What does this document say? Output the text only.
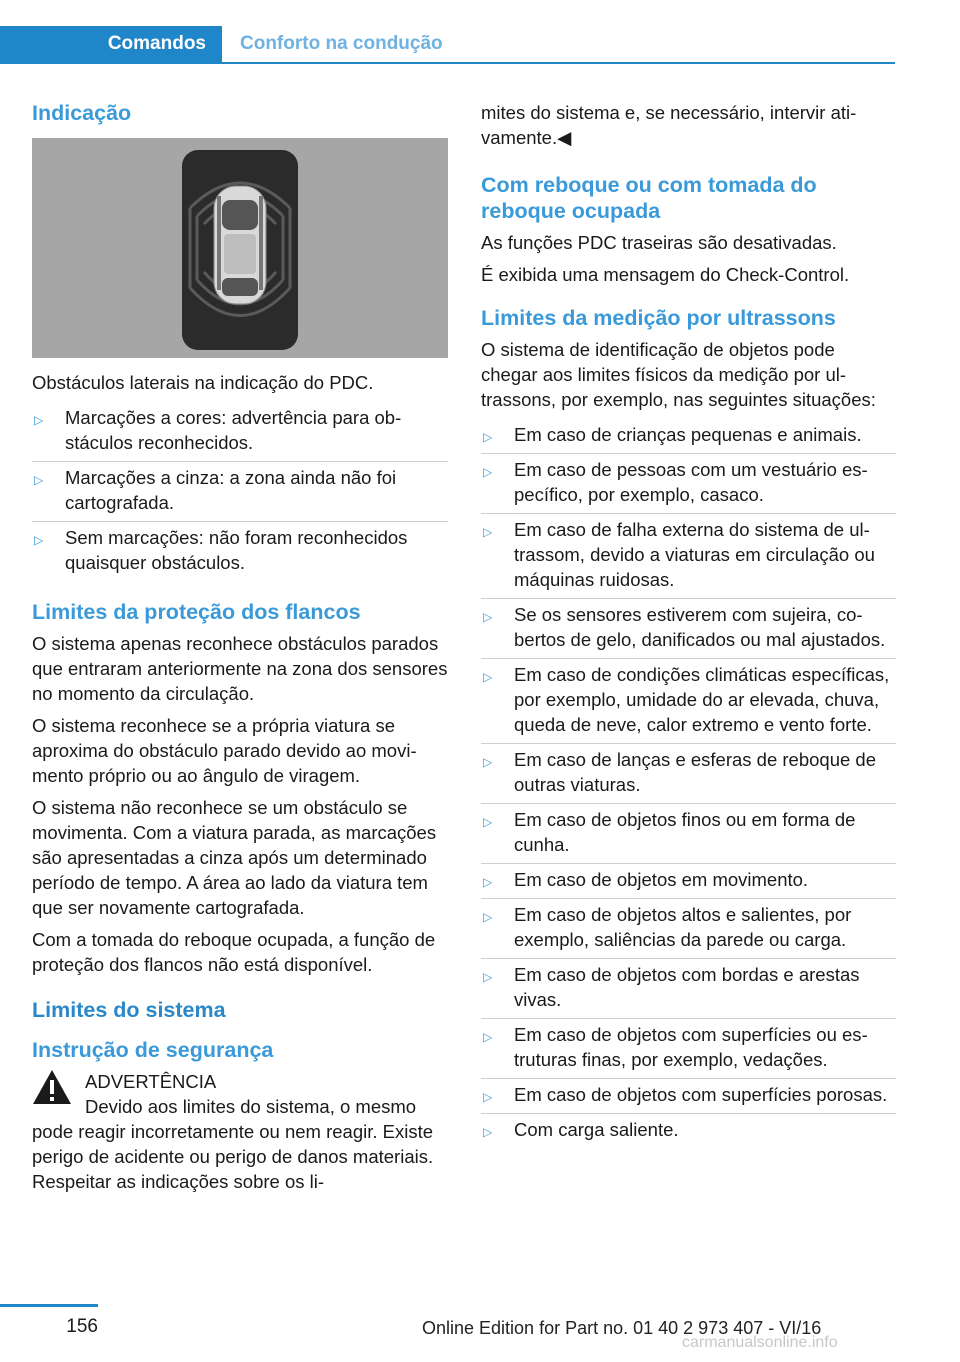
Comandos	Conforto na condução
Indicação

Obstáculos laterais na indicação do PDC.

▷ Marcações a cores: advertência para obstáculos reconhecidos.
▷ Marcações a cinza: a zona ainda não foi cartografada.
▷ Sem marcações: não foram reconhecidos quaisquer obstáculos.
Limites da proteção dos flancos

O sistema apenas reconhece obstáculos parados que entraram anteriormente na zona dos sensores no momento da circulação.

O sistema reconhece se a própria viatura se aproxima do obstáculo parado devido ao movimento próprio ou ao ângulo de viragem.

O sistema não reconhece se um obstáculo se movimenta. Com a viatura parada, as marcações são apresentadas a cinza após um determinado período de tempo. A área ao lado da viatura tem que ser novamente cartografada.

Com a tomada do reboque ocupada, a função de proteção dos flancos não está disponível.

Limites do sistema
Instrução de segurança
ADVERTÊNCIA
Devido aos limites do sistema, o mesmo

pode reagir incorretamente ou nem reagir. Existe perigo de acidente ou perigo de danos materiais. Respeitar as indicações sobre os li-

mites do sistema e, se necessário, intervir ativamente.◀

Com reboque ou com tomada do reboque ocupada

As funções PDC traseiras são desativadas.

É exibida uma mensagem do Check-Control.

Limites da medição por ultrassons

O sistema de identificação de objetos pode chegar aos limites físicos da medição por ultrassons, por exemplo, nas seguintes situações:

▷ Em caso de crianças pequenas e animais.
▷ Em caso de pessoas com um vestuário específico, por exemplo, casaco.
▷ Em caso de falha externa do sistema de ultrassom, devido a viaturas em circulação ou máquinas ruidosas.
▷ Se os sensores estiverem com sujeira, cobertos de gelo, danificados ou mal ajustados.
▷ Em caso de condições climáticas específicas, por exemplo, umidade do ar elevada, chuva, queda de neve, calor extremo e vento forte.
▷ Em caso de lanças e esferas de reboque de outras viaturas.
▷ Em caso de objetos finos ou em forma de cunha.
▷ Em caso de objetos em movimento.
▷ Em caso de objetos altos e salientes, por exemplo, saliências da parede ou carga.
▷ Em caso de objetos com bordas e arestas vivas.
▷ Em caso de objetos com superfícies ou estruturas finas, por exemplo, vedações.
▷ Em caso de objetos com superfícies porosas.
▷ Com carga saliente.
156	Online Edition for Part no. 01 40 2 973 407 - VI/16
carmanualsonline.info
